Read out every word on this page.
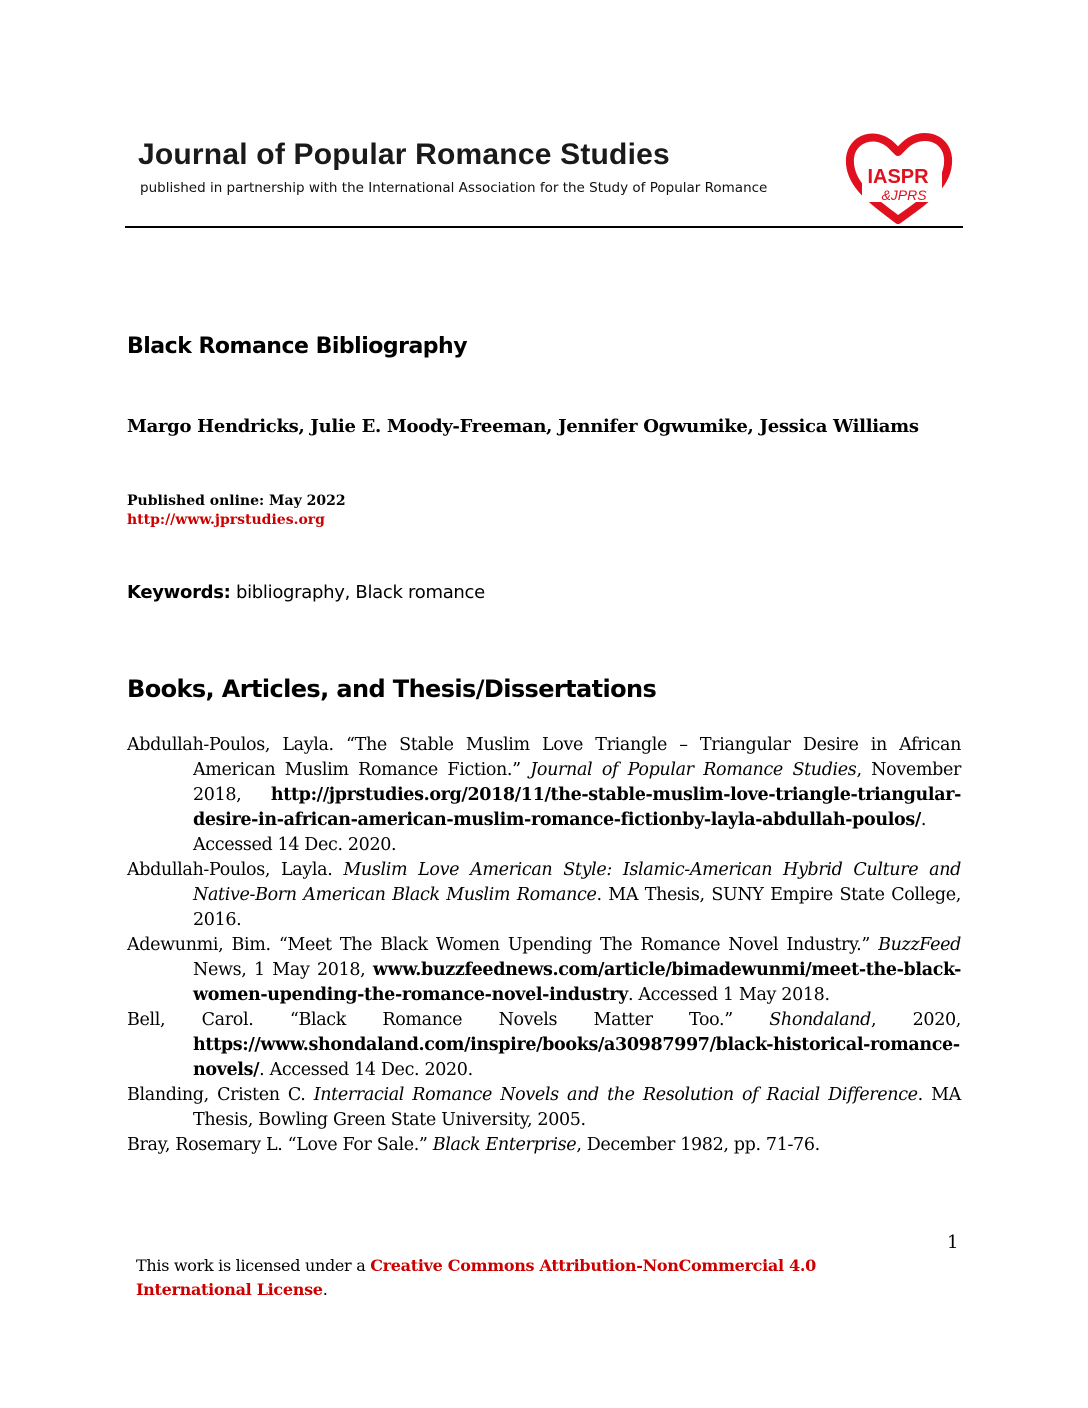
Journal of Popular Romance Studies
published in partnership with the International Association for the Study of Popular Romance	IASPR
&JPRS
Black Romance Bibliography
Margo Hendricks, Julie E. Moody-Freeman, Jennifer Ogwumike, Jessica Williams
Published online: May 2022
http://www.jprstudies.org
Keywords: bibliography, Black romance
Books, Articles, and Thesis/Dissertations

Abdullah-Poulos, Layla. “The Stable Muslim Love Triangle – Triangular Desire in African American Muslim Romance Fiction.” Journal of Popular Romance Studies, November 2018, http://jprstudies.org/2018/11/the-stable-muslim-love-triangle-triangular-desire-in-african-american-muslim-romance-fictionby-layla-abdullah-poulos/. Accessed 14 Dec. 2020.

Abdullah-Poulos, Layla. Muslim Love American Style: Islamic-American Hybrid Culture and Native-Born American Black Muslim Romance. MA Thesis, SUNY Empire State College, 2016.

Adewunmi, Bim. “Meet The Black Women Upending The Romance Novel Industry.” BuzzFeed News, 1 May 2018, www.buzzfeednews.com/article/bimadewunmi/meet-the-black-women-upending-the-romance-novel-industry. Accessed 1 May 2018.

Bell, Carol. “Black Romance Novels Matter Too.” Shondaland, 2020, https://www.shondaland.com/inspire/books/a30987997/black-historical-romance-novels/. Accessed 14 Dec. 2020.

Blanding, Cristen C. Interracial Romance Novels and the Resolution of Racial Difference. MA Thesis, Bowling Green State University, 2005.

Bray, Rosemary L. “Love For Sale.” Black Enterprise, December 1982, pp. 71-76.

1
This work is licensed under a Creative Commons Attribution-NonCommercial 4.0 International License.
